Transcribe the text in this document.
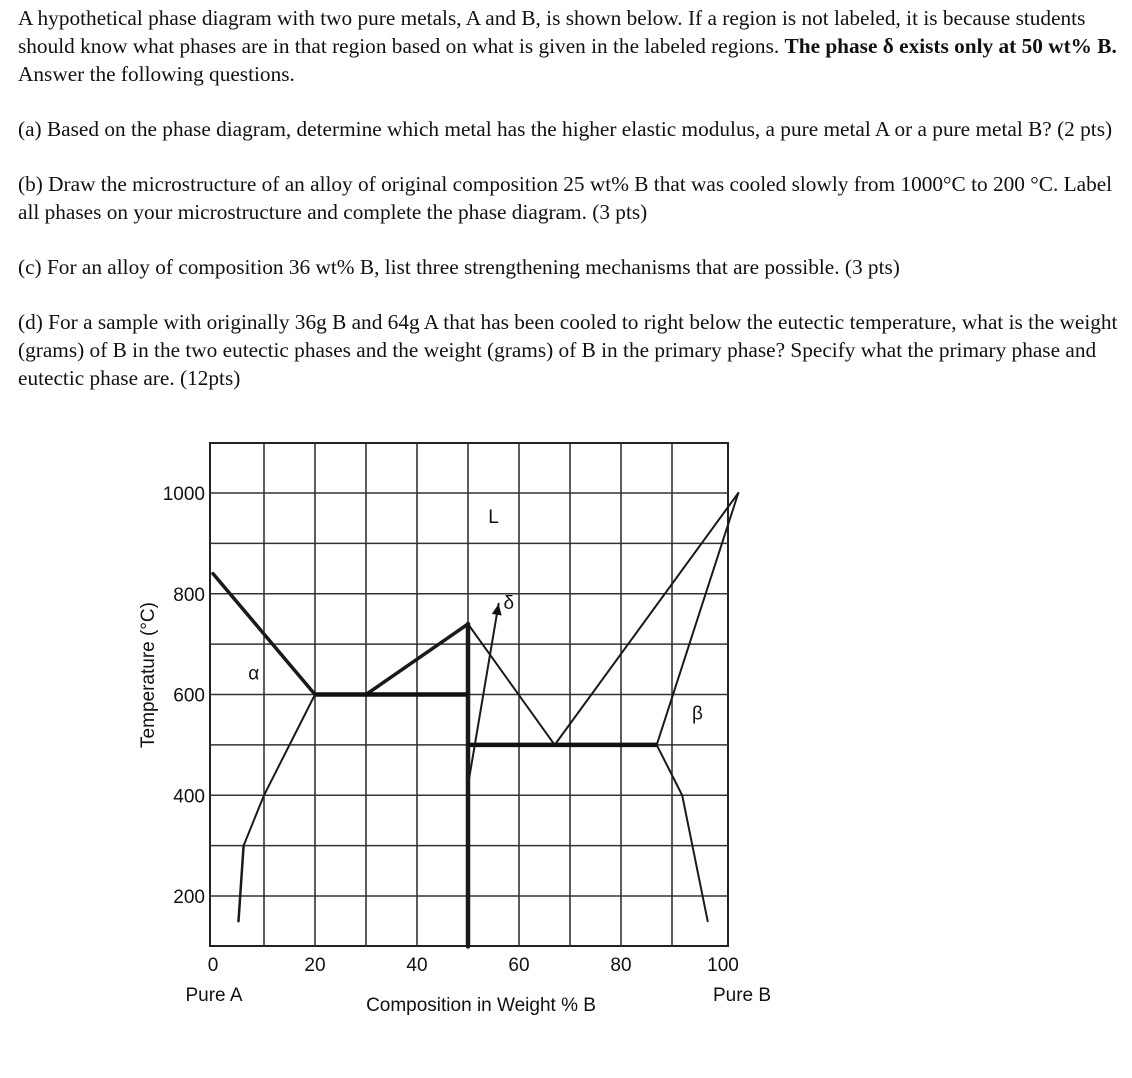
A hypothetical phase diagram with two pure metals, A and B, is shown below. If a region is not labeled, it is because students should know what phases are in that region based on what is given in the labeled regions. The phase δ exists only at 50 wt% B. Answer the following questions.

(a) Based on the phase diagram, determine which metal has the higher elastic modulus, a pure metal A or a pure metal B? (2 pts)

(b) Draw the microstructure of an alloy of original composition 25 wt% B that was cooled slowly from 1000°C to 200 °C. Label all phases on your microstructure and complete the phase diagram. (3 pts)

(c) For an alloy of composition 36 wt% B, list three strengthening mechanisms that are possible. (3 pts)

(d) For a sample with originally 36g B and 64g A that has been cooled to right below the eutectic temperature, what is the weight (grams) of B in the two eutectic phases and the weight (grams) of B in the primary phase? Specify what the primary phase and eutectic phase are. (12pts)

0	20	40	60	80	100
200
400
600
800
1000
Composition in Weight % B
Temperature (°C)
Pure A	Pure B
L
α
β
δ
